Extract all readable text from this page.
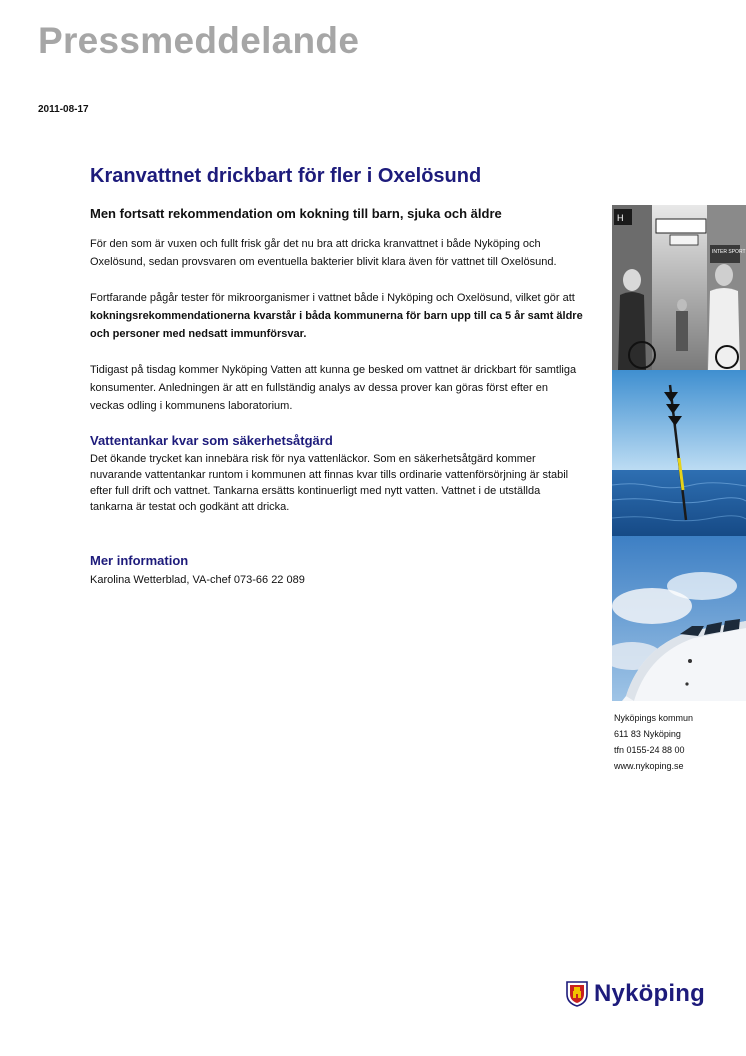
Pressmeddelande
2011-08-17
Kranvattnet drickbart för fler i Oxelösund
Men fortsatt rekommendation om kokning till barn, sjuka och äldre

För den som är vuxen och fullt frisk går det nu bra att dricka kranvattnet i både Nyköping och Oxelösund, sedan provsvaren om eventuella bakterier blivit klara även för vattnet till Oxelösund.

Fortfarande pågår tester för mikroorganismer i vattnet både i Nyköping och Oxelösund, vilket gör att kokningsrekommendationerna kvarstår i båda kommunerna för barn upp till ca 5 år samt äldre och personer med nedsatt immunförsvar.

Tidigast på tisdag kommer Nyköping Vatten att kunna ge besked om vattnet är drickbart för samtliga konsumenter. Anledningen är att en fullständig analys av dessa prover kan göras först efter en veckas odling i kommunens laboratorium.

Vattentankar kvar som säkerhetsåtgärd

Det ökande trycket kan innebära risk för nya vattenläckor. Som en säkerhetsåtgärd kommer nuvarande vattentankar runtom i kommunen att finnas kvar tills ordinarie vattenförsörjning är stabil efter full drift och vattnet. Tankarna ersätts kontinuerligt med nytt vatten. Vattnet i de utställda tankarna är testat och godkänt att dricka.

Mer information
Karolina Wetterblad, VA-chef 073-66 22 089
H
INTER SPORT
Nyköpings kommun
611 83 Nyköping
tfn 0155-24 88 00
www.nykoping.se
Nyköping
